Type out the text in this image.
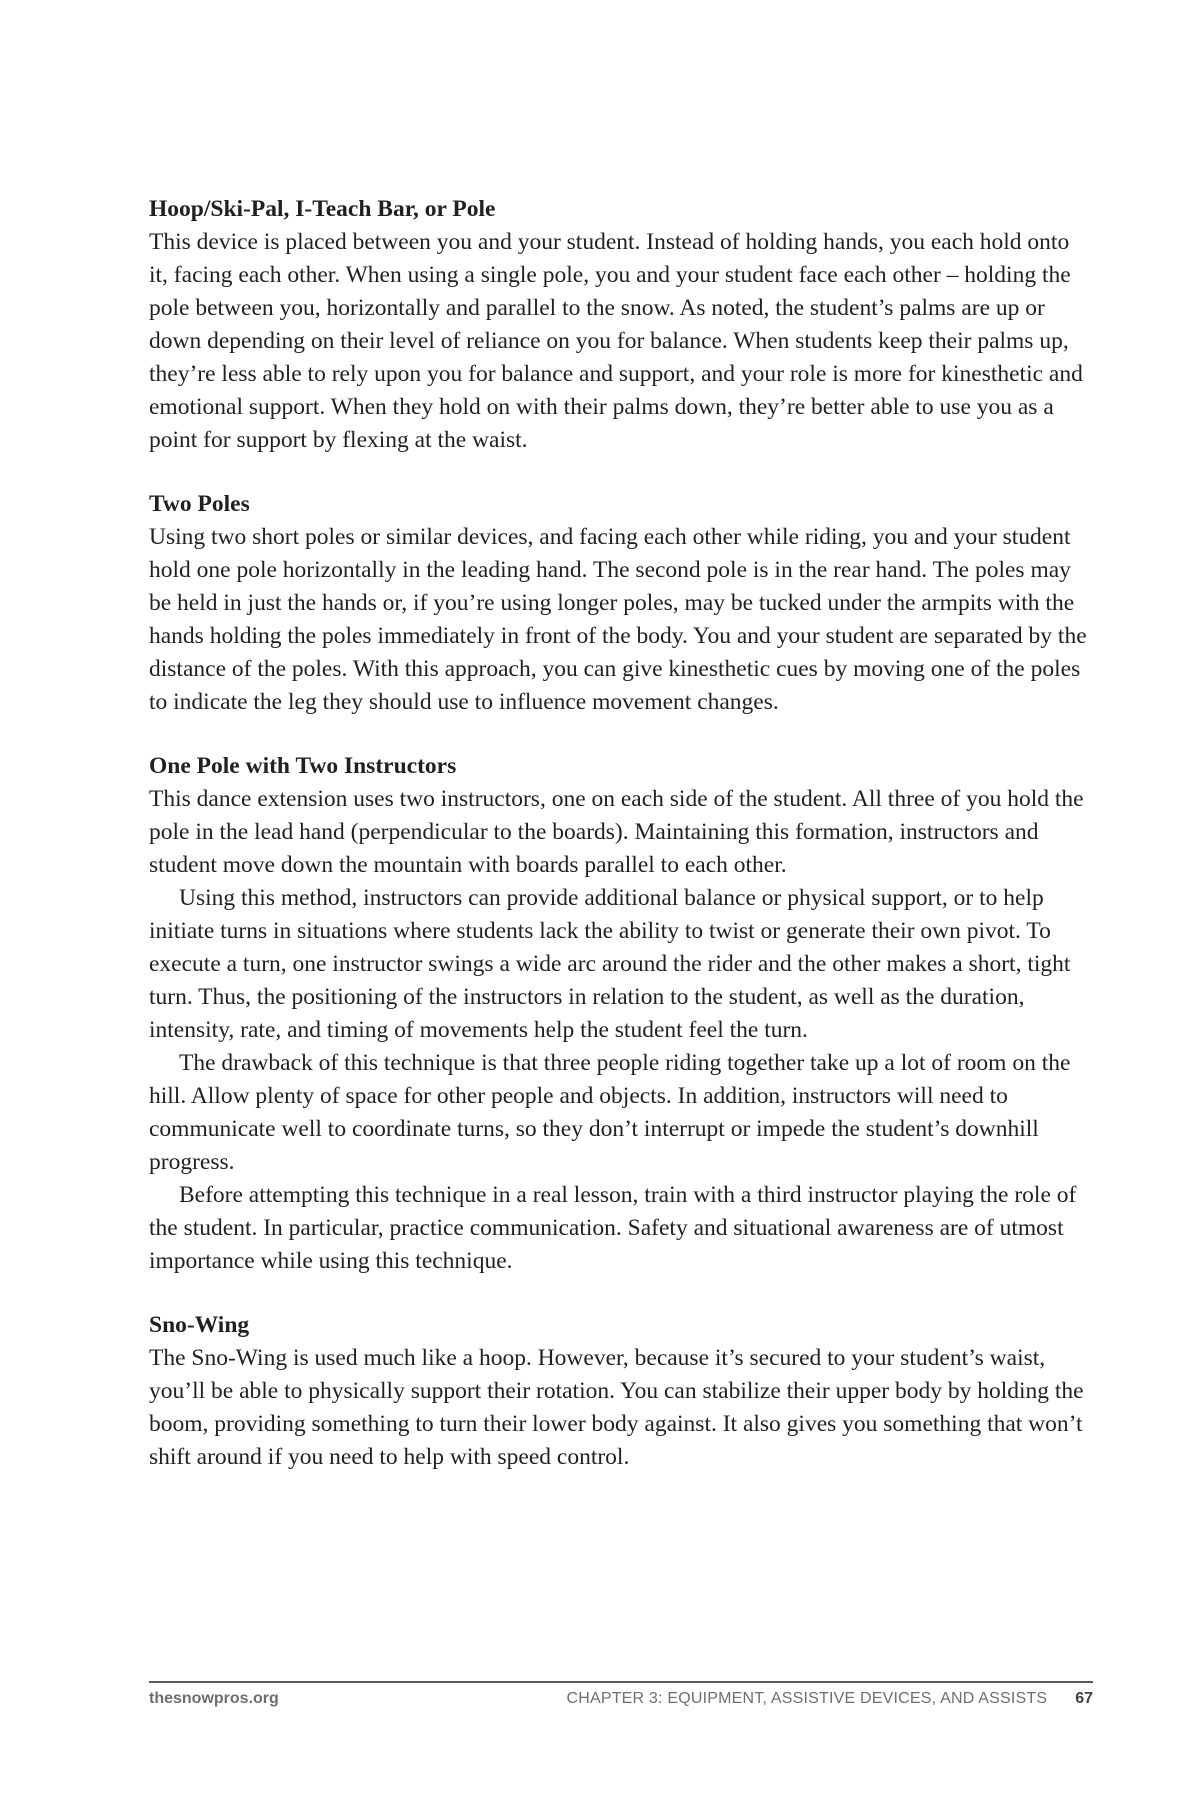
Hoop/Ski-Pal, I-Teach Bar, or Pole

This device is placed between you and your student. Instead of holding hands, you each hold onto it, facing each other. When using a single pole, you and your student face each other – holding the pole between you, horizontally and parallel to the snow. As noted, the student’s palms are up or down depending on their level of reliance on you for balance. When students keep their palms up, they’re less able to rely upon you for balance and support, and your role is more for kinesthetic and emotional support. When they hold on with their palms down, they’re better able to use you as a point for support by flexing at the waist.

Two Poles

Using two short poles or similar devices, and facing each other while riding, you and your student hold one pole horizontally in the leading hand. The second pole is in the rear hand. The poles may be held in just the hands or, if you’re using longer poles, may be tucked under the armpits with the hands holding the poles immediately in front of the body. You and your student are separated by the distance of the poles. With this approach, you can give kinesthetic cues by moving one of the poles to indicate the leg they should use to influence movement changes.

One Pole with Two Instructors

This dance extension uses two instructors, one on each side of the student. All three of you hold the pole in the lead hand (perpendicular to the boards). Maintaining this formation, instructors and student move down the mountain with boards parallel to each other.

Using this method, instructors can provide additional balance or physical support, or to help initiate turns in situations where students lack the ability to twist or generate their own pivot. To execute a turn, one instructor swings a wide arc around the rider and the other makes a short, tight turn. Thus, the positioning of the instructors in relation to the student, as well as the duration, intensity, rate, and timing of movements help the student feel the turn.

The drawback of this technique is that three people riding together take up a lot of room on the hill. Allow plenty of space for other people and objects. In addition, instructors will need to communicate well to coordinate turns, so they don’t interrupt or impede the student’s downhill progress.

Before attempting this technique in a real lesson, train with a third instructor playing the role of the student. In particular, practice communication. Safety and situational awareness are of utmost importance while using this technique.

Sno-Wing

The Sno-Wing is used much like a hoop. However, because it’s secured to your student’s waist, you’ll be able to physically support their rotation. You can stabilize their upper body by holding the boom, providing something to turn their lower body against. It also gives you something that won’t shift around if you need to help with speed control.

thesnowpros.org	CHAPTER 3: EQUIPMENT, ASSISTIVE DEVICES, AND ASSISTS 67
